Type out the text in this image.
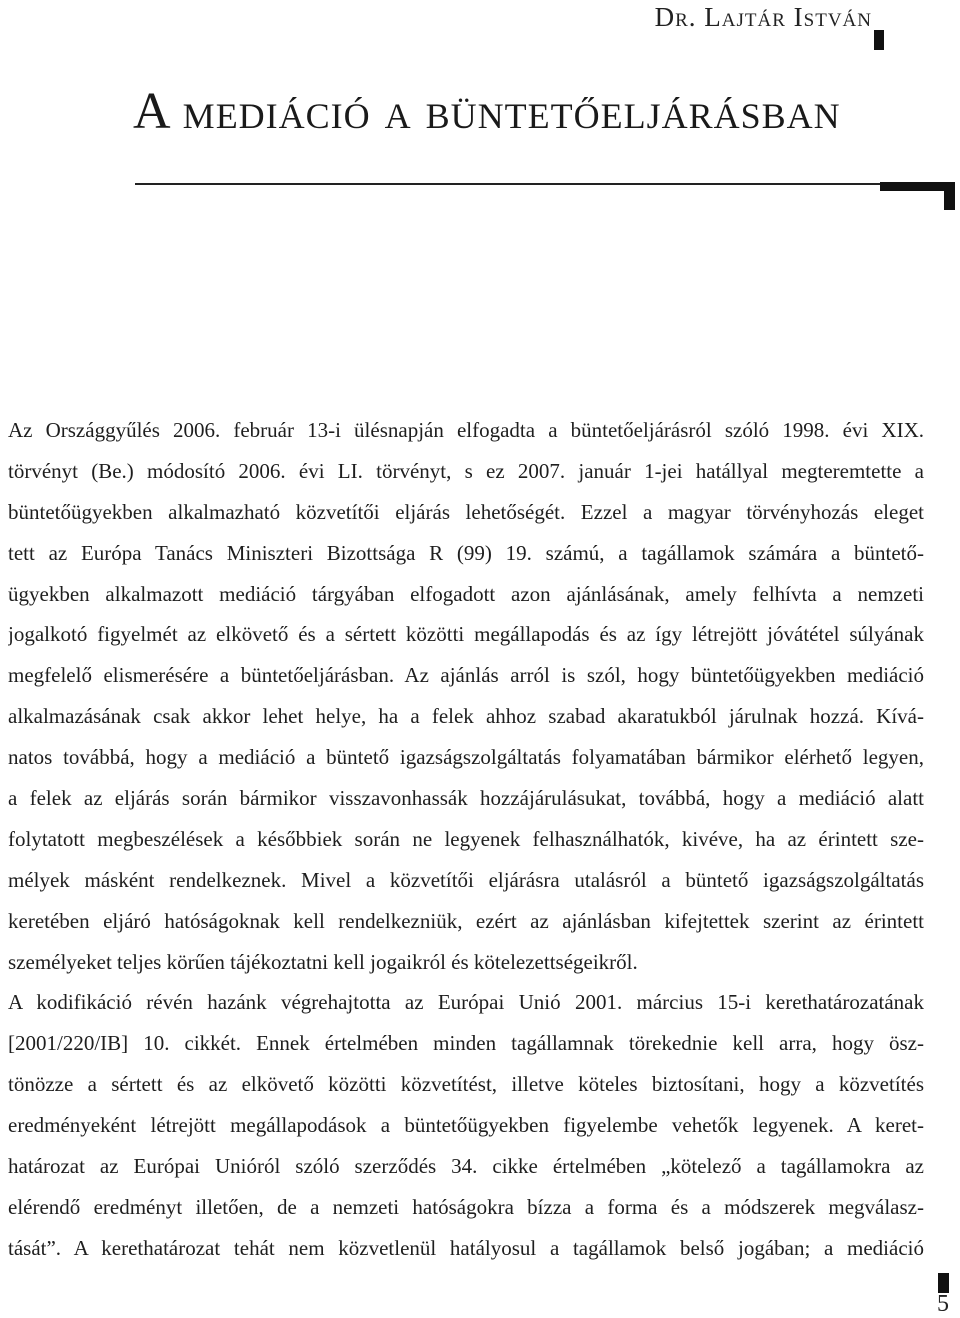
Dr. Lajtár István
A mediáció a büntetőeljárásban
Az Országgyűlés 2006. február 13-i ülésnapján elfogadta a büntetőeljárásról szóló 1998. évi XIX.
törvényt (Be.) módosító 2006. évi LI. törvényt, s ez 2007. január 1-jei hatállyal megteremtette a
büntetőügyekben alkalmazható közvetítői eljárás lehetőségét. Ezzel a magyar törvényhozás eleget
tett az Európa Tanács Miniszteri Bizottsága R (99) 19. számú, a tagállamok számára a büntető-
ügyekben alkalmazott mediáció tárgyában elfogadott azon ajánlásának, amely felhívta a nemzeti
jogalkotó figyelmét az elkövető és a sértett közötti megállapodás és az így létrejött jóvátétel súlyának
megfelelő elismerésére a büntetőeljárásban. Az ajánlás arról is szól, hogy büntetőügyekben mediáció
alkalmazásának csak akkor lehet helye, ha a felek ahhoz szabad akaratukból járulnak hozzá. Kívá-
natos továbbá, hogy a mediáció a büntető igazságszolgáltatás folyamatában bármikor elérhető legyen,
a felek az eljárás során bármikor visszavonhassák hozzájárulásukat, továbbá, hogy a mediáció alatt
folytatott megbeszélések a későbbiek során ne legyenek felhasználhatók, kivéve, ha az érintett sze-
mélyek másként rendelkeznek. Mivel a közvetítői eljárásra utalásról a büntető igazságszolgáltatás
keretében eljáró hatóságoknak kell rendelkezniük, ezért az ajánlásban kifejtettek szerint az érintett
személyeket teljes körűen tájékoztatni kell jogaikról és kötelezettségeikről.
A kodifikáció révén hazánk végrehajtotta az Európai Unió 2001. március 15-i kerethatározatának
[2001/220/IB] 10. cikkét. Ennek értelmében minden tagállamnak törekednie kell arra, hogy ösz-
tönözze a sértett és az elkövető közötti közvetítést, illetve köteles biztosítani, hogy a közvetítés
eredményeként létrejött megállapodások a büntetőügyekben figyelembe vehetők legyenek. A keret-
határozat az Európai Unióról szóló szerződés 34. cikke értelmében „kötelező a tagállamokra az
elérendő eredményt illetően, de a nemzeti hatóságokra bízza a forma és a módszerek megválasz-
tását”. A kerethatározat tehát nem közvetlenül hatályosul a tagállamok belső jogában; a mediáció
5
